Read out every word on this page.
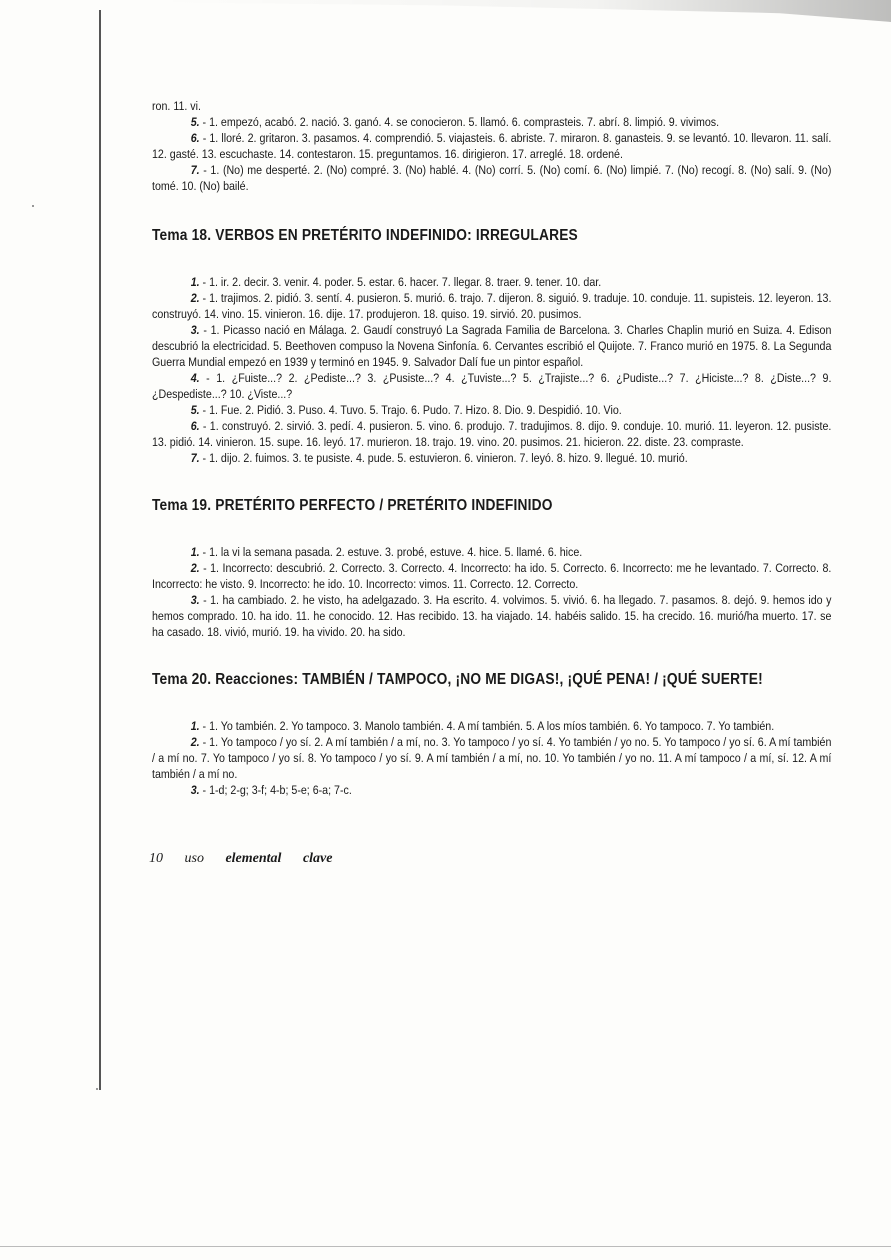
ron. 11. vi.

5. - 1. empezó, acabó. 2. nació. 3. ganó. 4. se conocieron. 5. llamó. 6. comprasteis. 7. abrí. 8. limpió. 9. vivimos.

6. - 1. lloré. 2. gritaron. 3. pasamos. 4. comprendió. 5. viajasteis. 6. abriste. 7. miraron. 8. ganasteis. 9. se levantó. 10. llevaron. 11. salí. 12. gasté. 13. escuchaste. 14. contestaron. 15. preguntamos. 16. dirigieron. 17. arreglé. 18. ordené.

7. - 1. (No) me desperté. 2. (No) compré. 3. (No) hablé. 4. (No) corrí. 5. (No) comí. 6. (No) limpié. 7. (No) recogí. 8. (No) salí. 9. (No) tomé. 10. (No) bailé.

Tema 18. VERBOS EN PRETÉRITO INDEFINIDO: IRREGULARES

1. - 1. ir. 2. decir. 3. venir. 4. poder. 5. estar. 6. hacer. 7. llegar. 8. traer. 9. tener. 10. dar.

2. - 1. trajimos. 2. pidió. 3. sentí. 4. pusieron. 5. murió. 6. trajo. 7. dijeron. 8. siguió. 9. traduje. 10. conduje. 11. supisteis. 12. leyeron. 13. construyó. 14. vino. 15. vinieron. 16. dije. 17. produjeron. 18. quiso. 19. sirvió. 20. pusimos.

3. - 1. Picasso nació en Málaga. 2. Gaudí construyó La Sagrada Familia de Barcelona. 3. Charles Chaplin murió en Suiza. 4. Edison descubrió la electricidad. 5. Beethoven compuso la Novena Sinfonía. 6. Cervantes escribió el Quijote. 7. Franco murió en 1975. 8. La Segunda Guerra Mundial empezó en 1939 y terminó en 1945. 9. Salvador Dalí fue un pintor español.

4. - 1. ¿Fuiste...? 2. ¿Pediste...? 3. ¿Pusiste...? 4. ¿Tuviste...? 5. ¿Trajiste...? 6. ¿Pudiste...? 7. ¿Hiciste...? 8. ¿Diste...? 9. ¿Despediste...? 10. ¿Viste...?

5. - 1. Fue. 2. Pidió. 3. Puso. 4. Tuvo. 5. Trajo. 6. Pudo. 7. Hizo. 8. Dio. 9. Despidió. 10. Vio.

6. - 1. construyó. 2. sirvió. 3. pedí. 4. pusieron. 5. vino. 6. produjo. 7. tradujimos. 8. dijo. 9. conduje. 10. murió. 11. leyeron. 12. pusiste. 13. pidió. 14. vinieron. 15. supe. 16. leyó. 17. murieron. 18. trajo. 19. vino. 20. pusimos. 21. hicieron. 22. diste. 23. compraste.

7. - 1. dijo. 2. fuimos. 3. te pusiste. 4. pude. 5. estuvieron. 6. vinieron. 7. leyó. 8. hizo. 9. llegué. 10. murió.

Tema 19. PRETÉRITO PERFECTO / PRETÉRITO INDEFINIDO

1. - 1. la vi la semana pasada. 2. estuve. 3. probé, estuve. 4. hice. 5. llamé. 6. hice.

2. - 1. Incorrecto: descubrió. 2. Correcto. 3. Correcto. 4. Incorrecto: ha ido. 5. Correcto. 6. Incorrecto: me he levantado. 7. Correcto. 8. Incorrecto: he visto. 9. Incorrecto: he ido. 10. Incorrecto: vimos. 11. Correcto. 12. Correcto.

3. - 1. ha cambiado. 2. he visto, ha adelgazado. 3. Ha escrito. 4. volvimos. 5. vivió. 6. ha llegado. 7. pasamos. 8. dejó. 9. hemos ido y hemos comprado. 10. ha ido. 11. he conocido. 12. Has recibido. 13. ha viajado. 14. habéis salido. 15. ha crecido. 16. murió/ha muerto. 17. se ha casado. 18. vivió, murió. 19. ha vivido. 20. ha sido.

Tema 20. Reacciones: TAMBIÉN / TAMPOCO, ¡NO ME DIGAS!, ¡QUÉ PENA! / ¡QUÉ SUERTE!

1. - 1. Yo también. 2. Yo tampoco. 3. Manolo también. 4. A mí también. 5. A los míos también. 6. Yo tampoco. 7. Yo también.

2. - 1. Yo tampoco / yo sí. 2. A mí también / a mí, no. 3. Yo tampoco / yo sí. 4. Yo también / yo no. 5. Yo tampoco / yo sí. 6. A mí también / a mí no. 7. Yo tampoco / yo sí. 8. Yo tampoco / yo sí. 9. A mí también / a mí, no. 10. Yo también / yo no. 11. A mí tampoco / a mí, sí. 12. A mí también / a mí no.

3. - 1-d; 2-g; 3-f; 4-b; 5-e; 6-a; 7-c.

10 uso elemental clave
